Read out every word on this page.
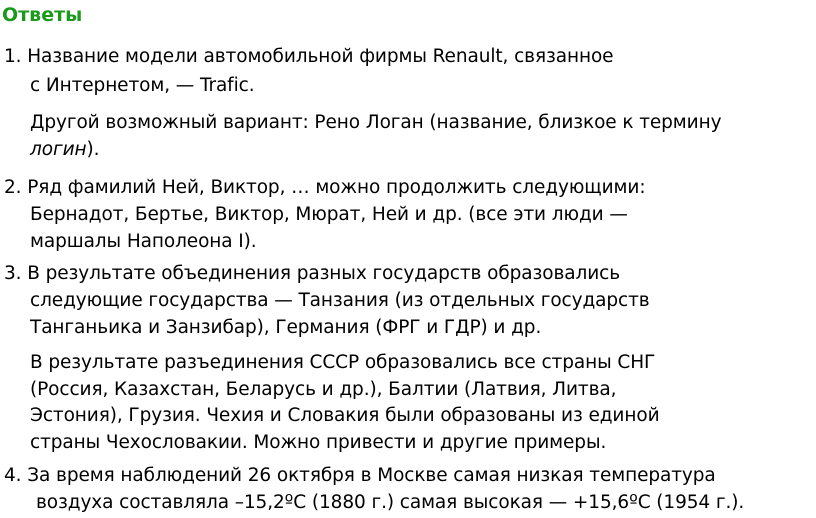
Ответы
1. Название модели автомобильной фирмы Renault, связанное
с Интернетом, — Trafic.
Другой возможный вариант: Рено Логан (название, близкое к термину
логин).
2. Ряд фамилий Ней, Виктор, … можно продолжить следующими:
Бернадот, Бертье, Виктор, Мюрат, Ней и др. (все эти люди —
маршалы Наполеона I).
3. В результате объединения разных государств образовались
следующие государства — Танзания (из отдельных государств
Танганьика и Занзибар), Германия (ФРГ и ГДР) и др.
В результате разъединения СССР образовались все страны СНГ
(Россия, Казахстан, Беларусь и др.), Балтии (Латвия, Литва,
Эстония), Грузия. Чехия и Словакия были образованы из единой
страны Чехословакии. Можно привести и другие примеры.
4. За время наблюдений 26 октября в Москве самая низкая температура
воздуха составляла –15,2ºС (1880 г.) самая высокая — +15,6ºС (1954 г.).
